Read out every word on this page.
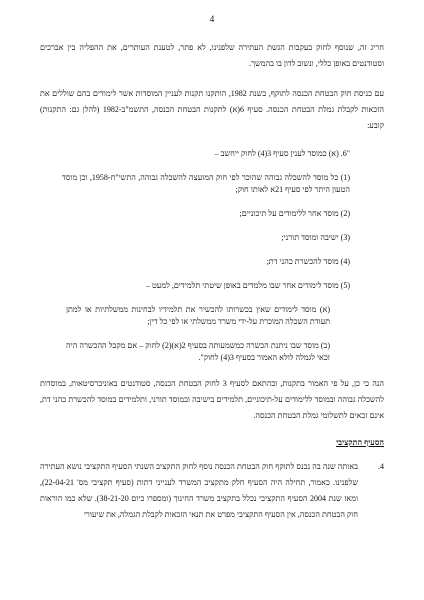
4

חריג זה, שנוסף לחוק בעקבות הגשת העתירה שלפנינו, לא פתר, לטענת העותרים, את ההפליה בין אברכים וסטודנטים באופן כללי, ונשוב לדון בו בהמשך.

עם כניסת חוק הבטחת הכנסה לתוקף, בשנת 1982, הותקנו תקנות לעניין המוסדות אשר לימודים בהם שוללים את הזכאות לקבלת גמלת הבטחת הכנסה. סעיף 6(א) לתקנות הבטחת הכנסה, התשמ"ב-1982 (להלן גם: התקנות) קובע:

"6. (א) כמוסד לענין סעיף 3(4) לחוק ייחשב –

(1) כל מוסד להשכלה גבוהה שהוכר לפי חוק המועצה להשכלה גבוהה, התשי"ח-1958, וכן מוסד הטעון היתר לפי סעיף 21א לאותו חוק;

(2) מוסד אחר ללימודים על תיכוניים;

(3) ישיבה ומוסד תורני;

(4) מוסד להכשרת כהני דת;

(5) מוסד לימודים אחר שבו מלמדים באופן שיטתי תלמידים, למעט –

(א) מוסד לימודים שאין בכשרותו להכשיר את תלמידיו לבחינות ממשלתיות או למתן תעודת השכלה המוכרת על-ידי משרד ממשלתי או לפי כל דין;

(ב) מוסד שבו ניתנת הכשרה כמשמעותה בסעיף 2(א)(2) לחוק – אם מקבל ההכשרה היה זכאי לגמלה לולא האמור בסעיף 3(4) לחוק".

הנה כי כן, על פי האמור בתקנות, ובהתאם לסעיף 3 לחוק הבטחת הכנסה, סטודנטים באוניברסיטאות, במוסדות להשכלה גבוהה ובמוסד ללימודים על-תיכוניים, תלמידים בישיבה ובמוסד תורני, ותלמידים במוסד להכשרת כהני דת, אינם זכאים לתשלומי גמלת הבטחת הכנסה.

הסעיף התקציבי
4.

באותה שנה בה נכנס לתוקף חוק הבטחת הכנסה נוסף לחוק התקציב השנתי הסעיף התקציבי נושא העתירה שלפנינו. כאמור, תחילה היה הסעיף חלק מתקציב המשרד לענייני דתות (סעיף תקציבי מס' 22-04-21), ומאז שנת 2004 הסעיף התקציבי נכלל בתקציב משרד החינוך (ומספרו כיום 38-21-20). שלא כמו הוראות חוק הבטחת הכנסה, אין הסעיף התקציבי מפרט את תנאי הזכאות לקבלת הגמלה, את שיעורי
